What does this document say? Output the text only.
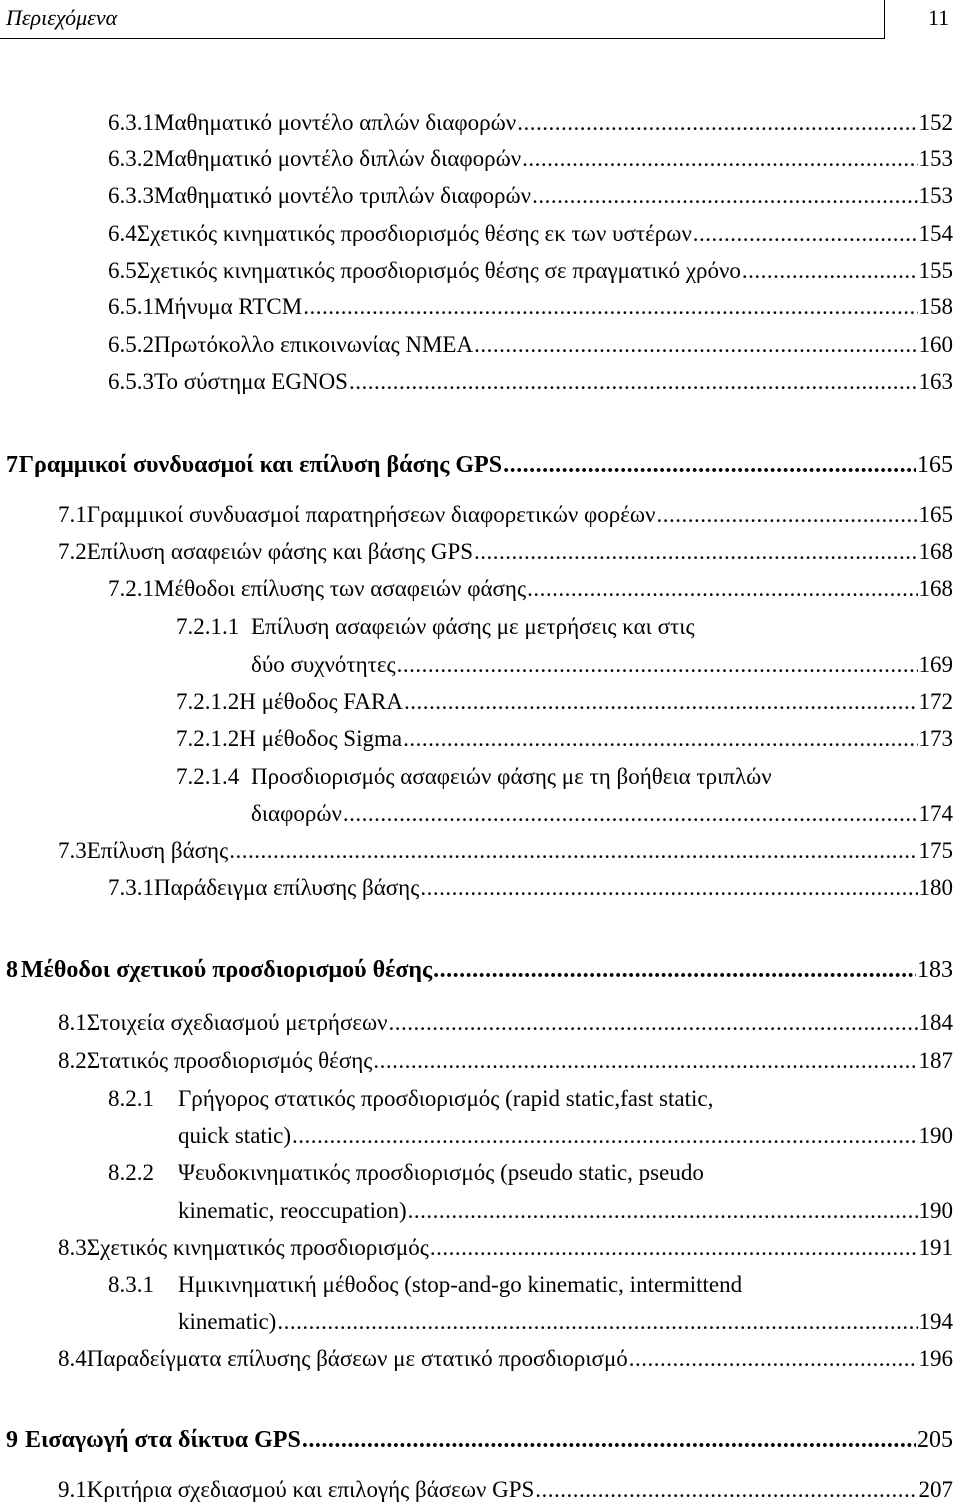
Περιεχόμενα	11
6.3.1 Μαθηματικό μοντέλο απλών διαφορών .....	152
6.3.2 Μαθηματικό μοντέλο διπλών διαφορών .....	153
6.3.3 Μαθηματικό μοντέλο τριπλών διαφορών .....	153
6.4 Σχετικός κινηματικός προσδιορισμός θέσης εκ των υστέρων .....	154
6.5 Σχετικός κινηματικός προσδιορισμός θέσης σε πραγματικό χρόνο .....	155
6.5.1 Μήνυμα RTCM .....	158
6.5.2 Πρωτόκολλο επικοινωνίας NMEA .....	160
6.5.3 Το σύστημα EGNOS .....	163
7 Γραμμικοί συνδυασμοί και επίλυση βάσης GPS .....	165
7.1 Γραμμικοί συνδυασμοί παρατηρήσεων διαφορετικών φορέων .....	165
7.2 Επίλυση ασαφειών φάσης και βάσης GPS .....	168
7.2.1 Μέθοδοι επίλυσης των ασαφειών φάσης .....	168
7.2.1.1 Επίλυση ασαφειών φάσης με μετρήσεις και στις
δύο συχνότητες .....	169
7.2.1.2 Η μέθοδος FARA .....	172
7.2.1.2 Η μέθοδος Sigma .....	173
7.2.1.4 Προσδιορισμός ασαφειών φάσης με τη βοήθεια τριπλών
διαφορών .....	174
7.3 Επίλυση βάσης .....	175
7.3.1 Παράδειγμα επίλυσης βάσης .....	180
8 Μέθοδοι σχετικού προσδιορισμού θέσης .....	183
8.1 Στοιχεία σχεδιασμού μετρήσεων .....	184
8.2 Στατικός προσδιορισμός θέσης .....	187
8.2.1 Γρήγορος στατικός προσδιορισμός (rapid static,fast static,
quick static) .....	190
8.2.2 Ψευδοκινηματικός προσδιορισμός (pseudo static, pseudo
kinematic, reoccupation) .....	190
8.3 Σχετικός κινηματικός προσδιορισμός .....	191
8.3.1 Ημικινηματική μέθοδος (stop-and-go kinematic, intermittend
kinematic) .....	194
8.4 Παραδείγματα επίλυσης βάσεων με στατικό προσδιορισμό .....	196
9 Εισαγωγή στα δίκτυα GPS .....	205
9.1 Κριτήρια σχεδιασμού και επιλογής βάσεων GPS .....	207
